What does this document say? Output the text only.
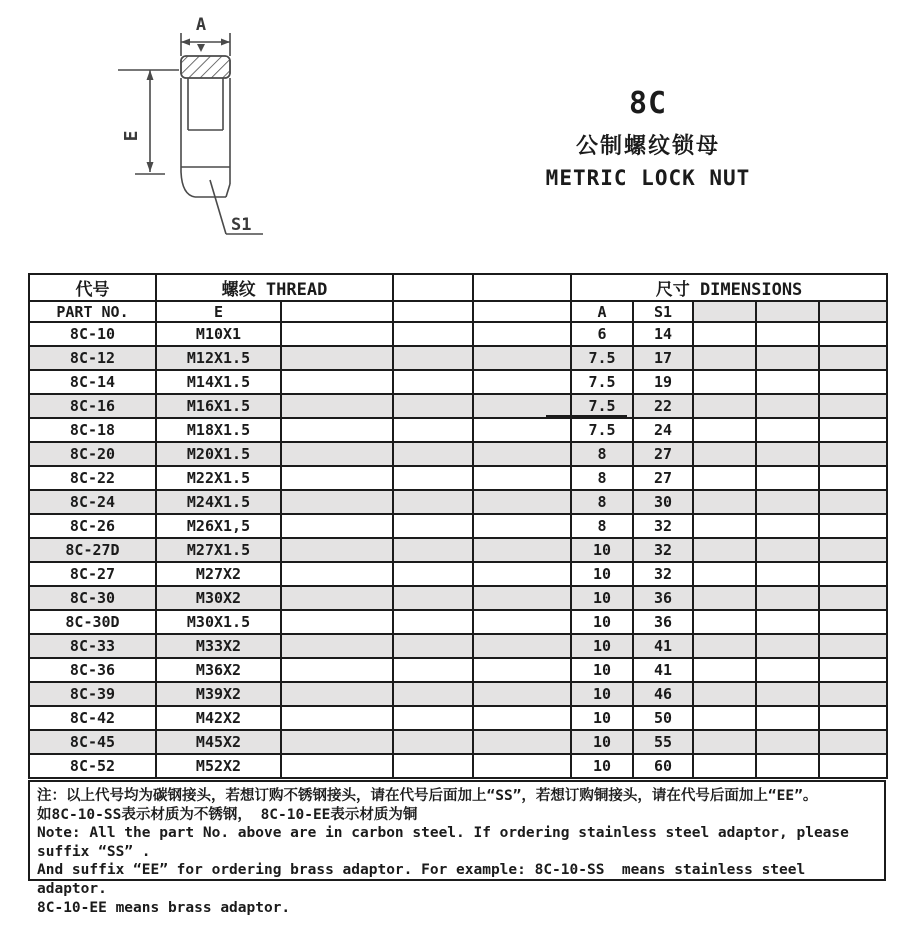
A
E
S1
8C
公制螺纹锁母
METRIC LOCK NUT
代号	螺纹 THREAD				尺寸 DIMENSIONS				
PART NO.	E				A	S1			
8C-10	M10X1				6	14			
8C-12	M12X1.5				7.5	17			
8C-14	M14X1.5				7.5	19			
8C-16	M16X1.5				7.5	22			
8C-18	M18X1.5				7.5	24			
8C-20	M20X1.5				8	27			
8C-22	M22X1.5				8	27			
8C-24	M24X1.5				8	30			
8C-26	M26X1,5				8	32			
8C-27D	M27X1.5				10	32			
8C-27	M27X2				10	32			
8C-30	M30X2				10	36			
8C-30D	M30X1.5				10	36			
8C-33	M33X2				10	41			
8C-36	M36X2				10	41			
8C-39	M39X2				10	46			
8C-42	M42X2				10	50			
8C-45	M45X2				10	55			
8C-52	M52X2				10	60			
注：以上代号均为碳钢接头，若想订购不锈钢接头，请在代号后面加上“SS”，若想订购铜接头，请在代号后面加上“EE”。
如8C-10-SS表示材质为不锈钢， 8C-10-EE表示材质为铜
Note: All the part No. above are in carbon steel. If ordering stainless steel adaptor, please suffix “SS” .
And suffix “EE” for ordering brass adaptor. For example: 8C-10-SS  means stainless steel adaptor.
8C-10-EE means brass adaptor.
